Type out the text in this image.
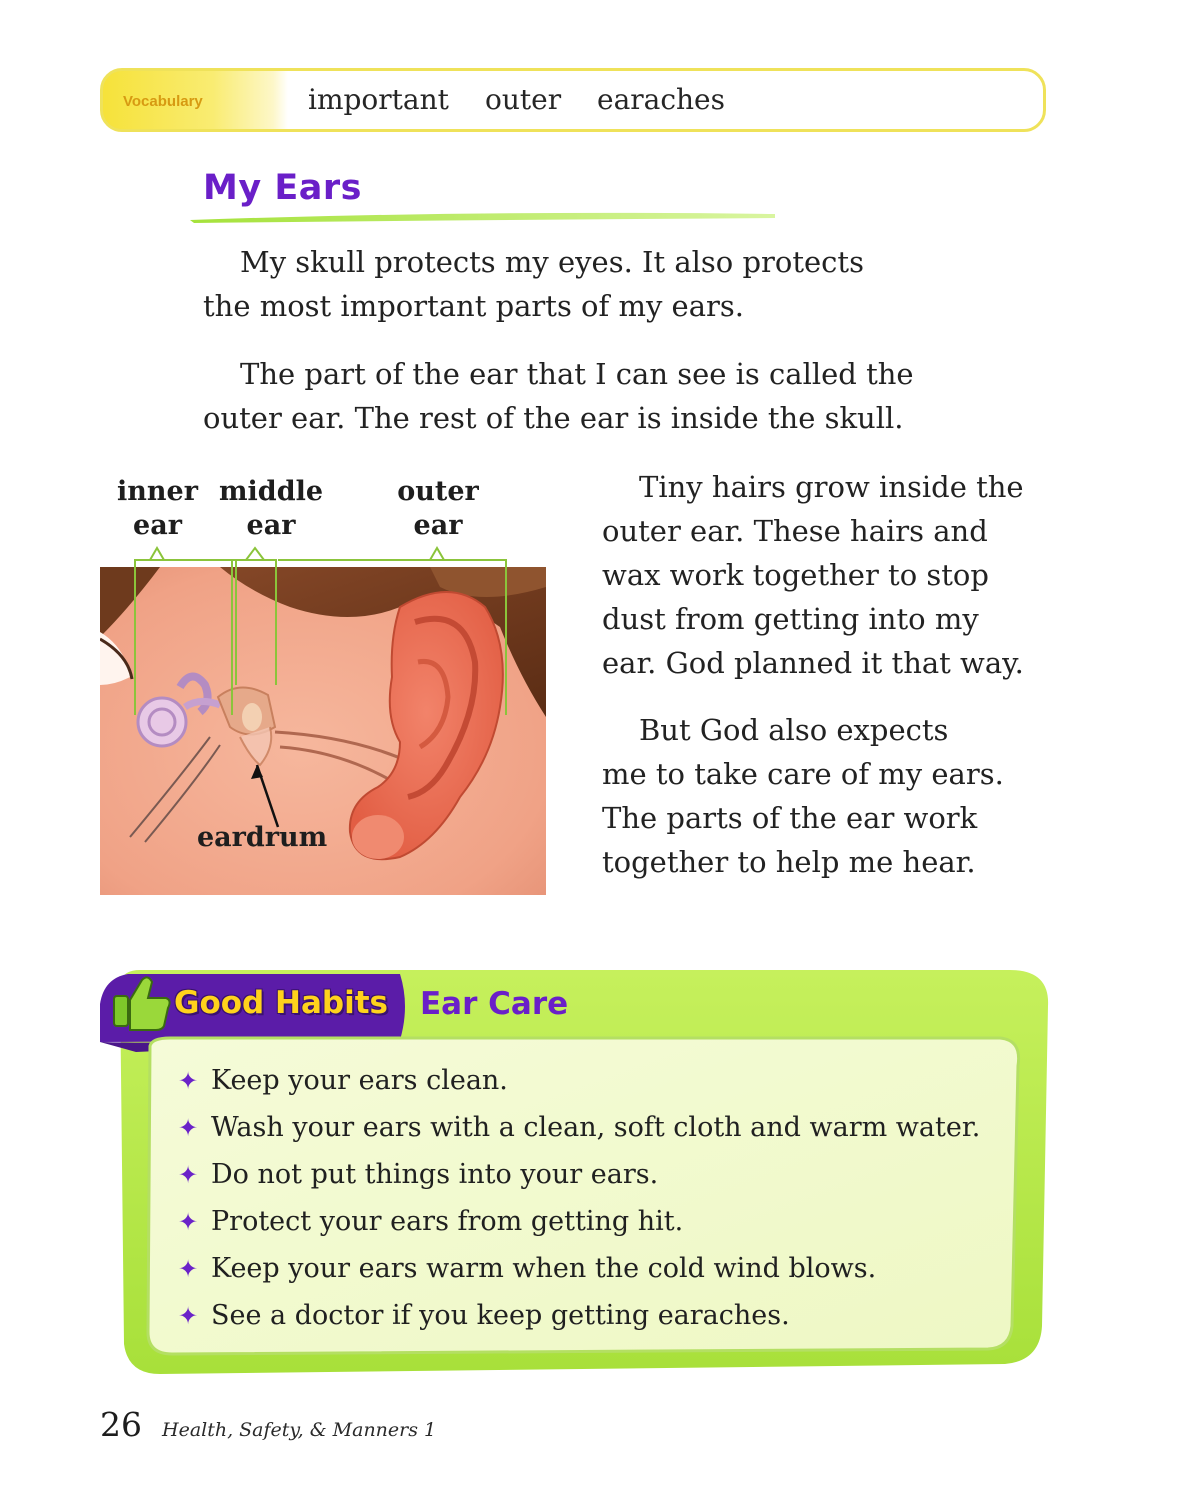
Vocabulary	important outer earaches
My Ears

My skull protects my eyes. It also protects
the most important parts of my ears.

The part of the ear that I can see is called the
outer ear. The rest of the ear is inside the skull.

inner
ear
middle
ear
outer
ear
eardrum

Tiny hairs grow inside the
outer ear. These hairs and
wax work together to stop
dust from getting into my
ear. God planned it that way.

But God also expects
me to take care of my ears.
The parts of the ear work
together to help me hear.

Good Habits Ear Care
✦ Keep your ears clean.
✦ Wash your ears with a clean, soft cloth and warm water.
✦ Do not put things into your ears.
✦ Protect your ears from getting hit.
✦ Keep your ears warm when the cold wind blows.
✦ See a doctor if you keep getting earaches.
26 Health, Safety, & Manners 1
